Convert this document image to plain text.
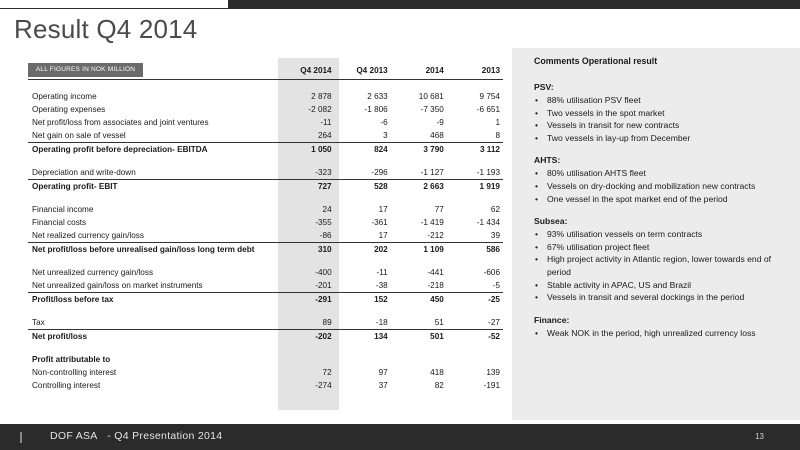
Result Q4 2014
	Q4 2014	Q4 2013	2014	2013

Operating income	2 878	2 633	10 681	9 754
Operating expenses	-2 082	-1 806	-7 350	-6 651
Net profit/loss from associates and joint ventures	-11	-6	-9	1
Net gain on sale of vessel	264	3	468	8
Operating profit before depreciation- EBITDA	1 050	824	3 790	3 112

Depreciation and write-down	-323	-296	-1 127	-1 193
Operating profit- EBIT	727	528	2 663	1 919

Financial income	24	17	77	62
Financial costs	-355	-361	-1 419	-1 434
Net realized currency gain/loss	-86	17	-212	39
Net profit/loss before unrealised gain/loss long term debt	310	202	1 109	586

Net unrealized currency gain/loss	-400	-11	-441	-606
Net unrealized gain/loss on market instruments	-201	-38	-218	-5
Profit/loss before tax	-291	152	450	-25

Tax	89	-18	51	-27
Net profit/loss	-202	134	501	-52

Profit attributable to				
Non-controlling interest	72	97	418	139
Controlling interest	-274	37	82	-191
ALL FIGURES IN NOK MILLION
Comments Operational result
PSV:
• 88% utilisation PSV fleet
• Two vessels in the spot market
• Vessels in transit for new contracts
• Two vessels in lay-up from December
AHTS:
• 80% utilisation AHTS fleet
• Vessels on dry-docking and mobilization new contracts
• One vessel in the spot market end of the period
Subsea:
• 93% utilisation vessels on term contracts
• 67% utilisation project fleet
• High project activity in Atlantic region, lower towards end of period
• Stable activity in APAC, US and Brazil
• Vessels in transit and several dockings in the period
Finance:
• Weak NOK in the period, high unrealized currency loss
DOF ASA - Q4 Presentation 2014	13
